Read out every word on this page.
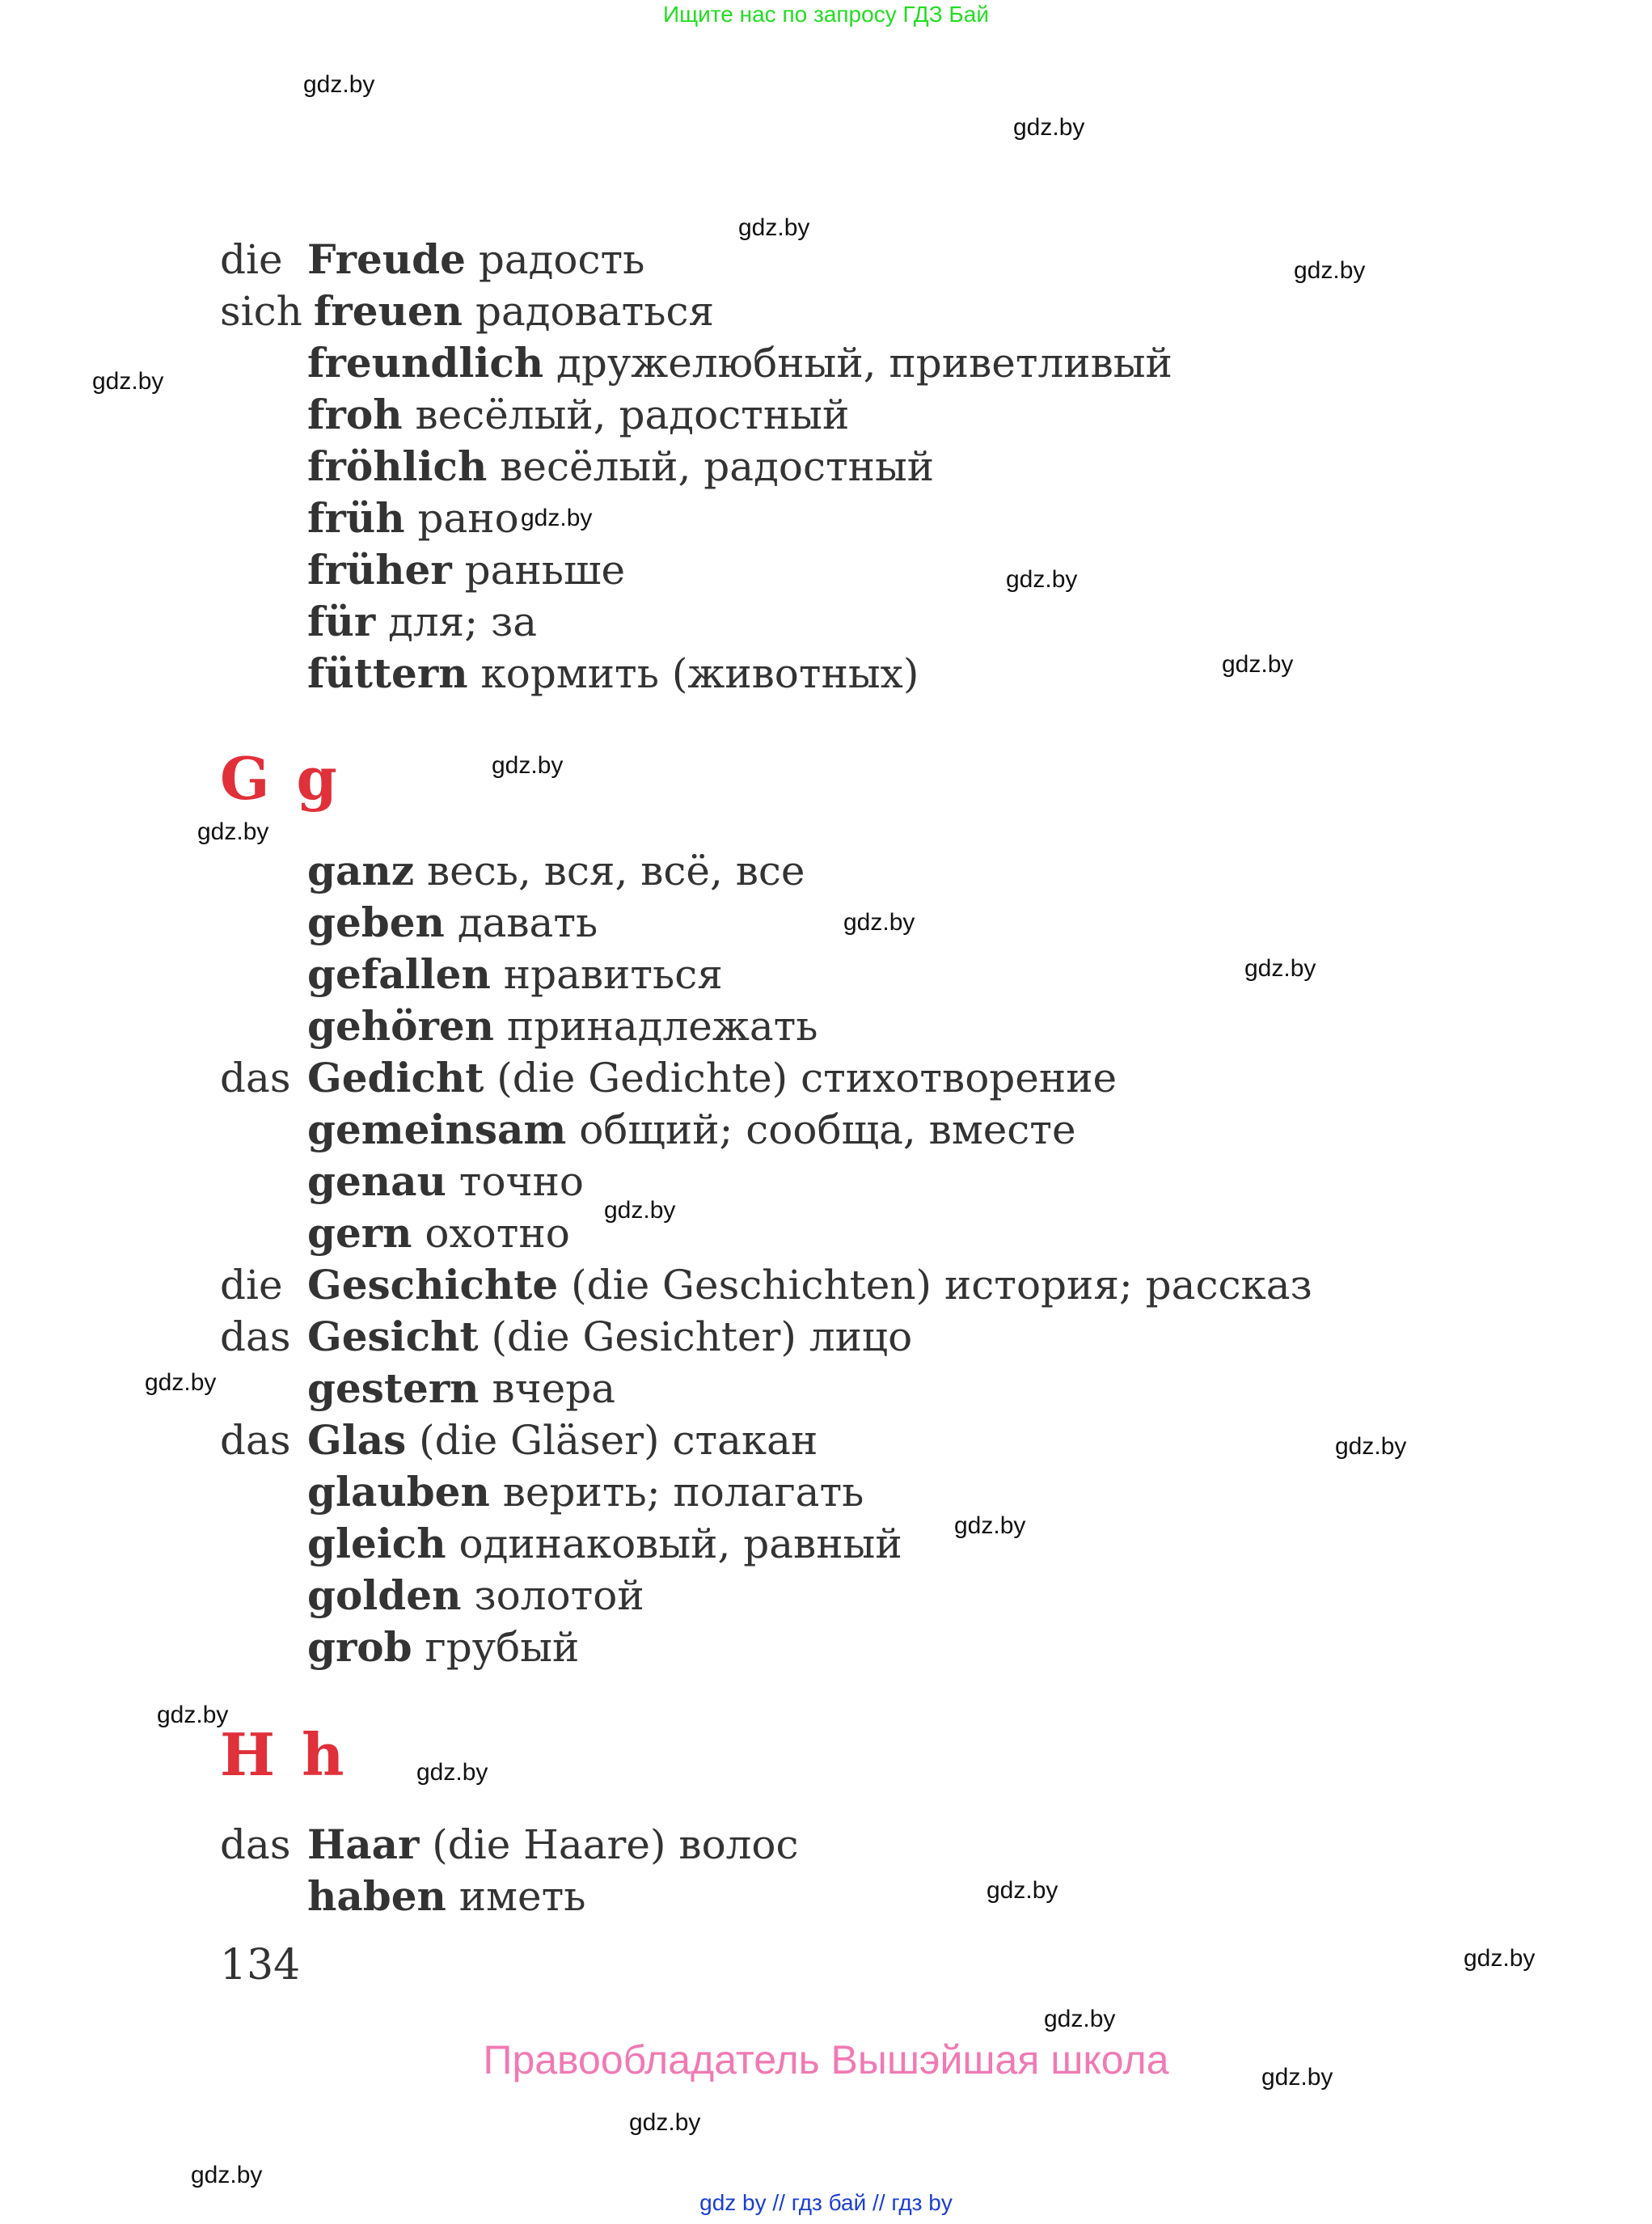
Ищите нас по запросу ГДЗ Бай
gdz.by
gdz.by
gdz.by
gdz.by
gdz.by
gdz.by
gdz.by
gdz.by
gdz.by
gdz.by
gdz.by
gdz.by
gdz.by
gdz.by
gdz.by
gdz.by
gdz.by
gdz.by
gdz.by
gdz.by
gdz.by
gdz.by
gdz.by
gdz.by
die Freude радость
sich freuen радоваться
freundlich дружелюбный, приветливый
froh весёлый, радостный
fröhlich весёлый, радостный
früh рано
früher раньше
für для; за
füttern кормить (животных)
G g
ganz весь, вся, всё, все
geben давать
gefallen нравиться
gehören принадлежать
das Gedicht (die Gedichte) стихотворение
gemeinsam общий; сообща, вместе
genau точно
gern охотно
die Geschichte (die Geschichten) история; рассказ
das Gesicht (die Gesichter) лицо
gestern вчера
das Glas (die Gläser) стакан
glauben верить; полагать
gleich одинаковый, равный
golden золотой
grob грубый
H h
das Haar (die Haare) волос
haben иметь
134
Правообладатель Вышэйшая школа
gdz by // гдз бай // гдз by
